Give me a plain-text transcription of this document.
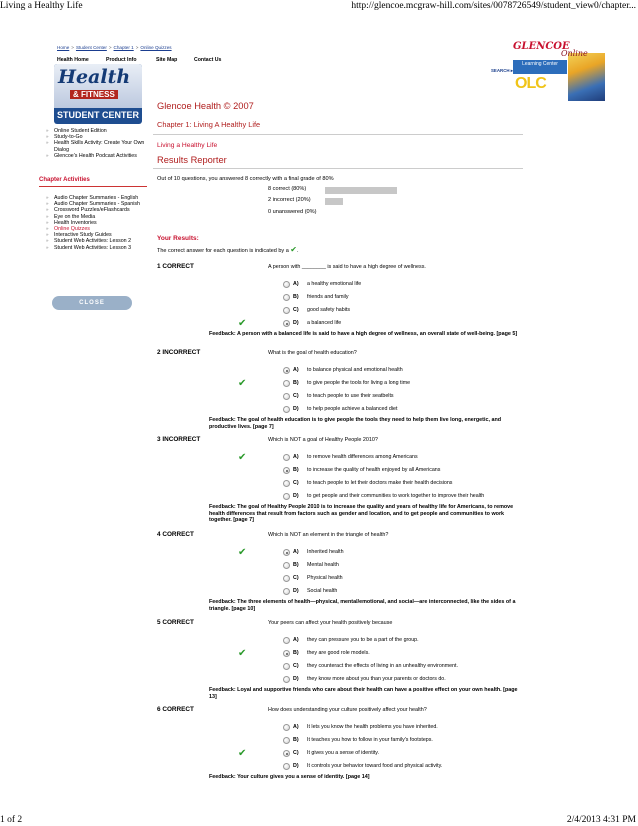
Living a Healthy Life	http://glencoe.mcgraw-hill.com/sites/0078726549/student_view0/chapter...
1 of 2	2/4/2013 4:31 PM
Home > Student Center > Chapter 1 > Online Quizzes
Health Home	Product Info	Site Map	Contact Us
SEARCH ▸
GLENCOE
Online
Learning Center
OLC
Health
& FITNESS
STUDENT CENTER
» Online Student Edition
» Study-to-Go
» Health Skills Activity: Create Your Own Dialog
» Glencoe's Health Podcast Activities
Chapter Activities
» Audio Chapter Summaries - English
» Audio Chapter Summaries - Spanish
» Crossword Puzzles/eFlashcards
» Eye on the Media
» Health Inventories
» Online Quizzes
» Interactive Study Guides
» Student Web Activities: Lesson 2
» Student Web Activities: Lesson 3
CLOSE
Glencoe Health © 2007
Chapter 1: Living A Healthy Life
Living a Healthy Life
Results Reporter
Out of 10 questions, you answered 8 correctly with a final grade of 80%
8 correct (80%)
2 incorrect (20%)
0 unanswered (0%)
Your Results:
The correct answer for each question is indicated by a ✔.
1 CORRECT	A person with ________ is said to have a high degree of wellness.
A) a healthy emotional life
B) friends and family
C) good safety habits
D) a balanced life
✔
Feedback: A person with a balanced life is said to have a high degree of wellness, an overall state of well-being. [page 5]
2 INCORRECT	What is the goal of health education?
A) to balance physical and emotional health
B) to give people the tools for living a long time
✔
C) to teach people to use their seatbelts
D) to help people achieve a balanced diet
Feedback: The goal of health education is to give people the tools they need to help them live long, energetic, and productive lives. [page 7]
3 INCORRECT	Which is NOT a goal of Healthy People 2010?
A) to remove health differences among Americans
✔
B) to increase the quality of health enjoyed by all Americans
C) to teach people to let their doctors make their health decisions
D) to get people and their communities to work together to improve their health
Feedback: The goal of Healthy People 2010 is to increase the quality and years of healthy life for Americans, to remove health differences that result from factors such as gender and location, and to get people and communities to work together. [page 7]
4 CORRECT	Which is NOT an element in the triangle of health?
A) Inherited health
✔
B) Mental health
C) Physical health
D) Social health
Feedback: The three elements of health—physical, mental/emotional, and social—are interconnected, like the sides of a triangle. [page 10]
5 CORRECT	Your peers can affect your health positively because
A) they can pressure you to be a part of the group.
B) they are good role models.
✔
C) they counteract the effects of living in an unhealthy environment.
D) they know more about you than your parents or doctors do.
Feedback: Loyal and supportive friends who care about their health can have a positive effect on your own health. [page 13]
6 CORRECT	How does understanding your culture positively affect your health?
A) It lets you know the health problems you have inherited.
B) It teaches you how to follow in your family's footsteps.
C) It gives you a sense of identity.
✔
D) It controls your behavior toward food and physical activity.
Feedback: Your culture gives you a sense of identity. [page 14]
